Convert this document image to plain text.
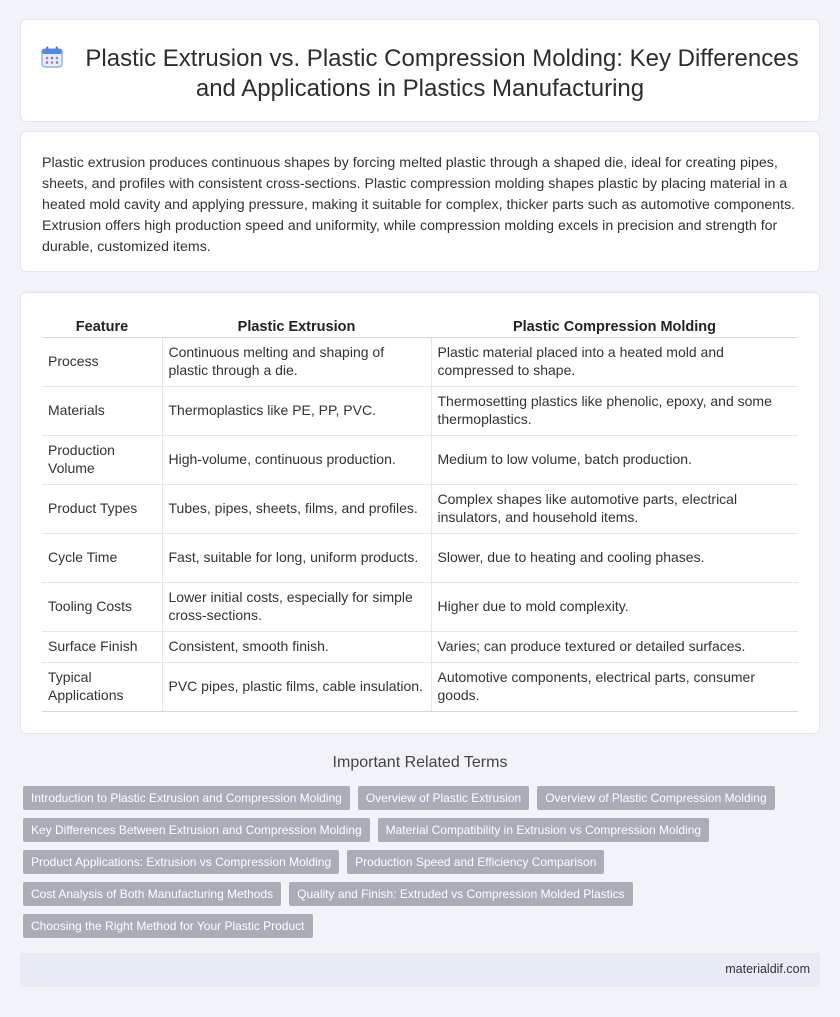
Plastic Extrusion vs. Plastic Compression Molding: Key Differences and Applications in Plastics Manufacturing

Plastic extrusion produces continuous shapes by forcing melted plastic through a shaped die, ideal for creating pipes, sheets, and profiles with consistent cross-sections. Plastic compression molding shapes plastic by placing material in a heated mold cavity and applying pressure, making it suitable for complex, thicker parts such as automotive components. Extrusion offers high production speed and uniformity, while compression molding excels in precision and strength for durable, customized items.

Feature	Plastic Extrusion	Plastic Compression Molding
Process	Continuous melting and shaping of plastic through a die.	Plastic material placed into a heated mold and compressed to shape.
Materials	Thermoplastics like PE, PP, PVC.	Thermosetting plastics like phenolic, epoxy, and some thermoplastics.
Production Volume	High-volume, continuous production.	Medium to low volume, batch production.
Product Types	Tubes, pipes, sheets, films, and profiles.	Complex shapes like automotive parts, electrical insulators, and household items.
Cycle Time	Fast, suitable for long, uniform products.	Slower, due to heating and cooling phases.
Tooling Costs	Lower initial costs, especially for simple cross-sections.	Higher due to mold complexity.
Surface Finish	Consistent, smooth finish.	Varies; can produce textured or detailed surfaces.
Typical Applications	PVC pipes, plastic films, cable insulation.	Automotive components, electrical parts, consumer goods.
Important Related Terms
Introduction to Plastic Extrusion and Compression Molding	Overview of Plastic Extrusion	Overview of Plastic Compression Molding
Key Differences Between Extrusion and Compression Molding	Material Compatibility in Extrusion vs Compression Molding
Product Applications: Extrusion vs Compression Molding	Production Speed and Efficiency Comparison
Cost Analysis of Both Manufacturing Methods	Quality and Finish: Extruded vs Compression Molded Plastics
Choosing the Right Method for Your Plastic Product
materialdif.com
